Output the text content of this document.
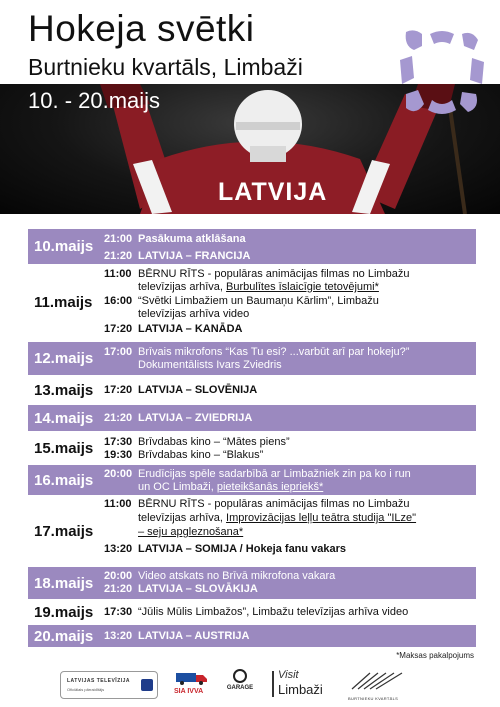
Hokeja svētki
Burtnieku kvartāls, Limbaži
10. - 20.maijs
LATVIJA
10.maijs 21:00 Pasākuma atklāšana
21:20 LATVIJA – FRANCIJA
11.maijs
11:00 BĒRNU RĪTS - populāras animācijas filmas no Limbažu
televīzijas arhīva, Burbulītes īslaicīgie tetovējumi*
16:00 “Svētki Limbažiem un Baumaņu Kārlim”, Limbažu
televīzijas arhīva video
17:20 LATVIJA – KANĀDA
12.maijs 17:00 Brīvais mikrofons “Kas Tu esi? ...varbūt arī par hokeju?”
Dokumentālists Ivars Zviedris
13.maijs 17:20 LATVIJA – SLOVĒNIJA
14.maijs 21:20 LATVIJA – ZVIEDRIJA
15.maijs 17:30 Brīvdabas kino – “Mātes piens”
19:30 Brīvdabas kino – “Blakus”
16.maijs 20:00 Erudīcijas spēle sadarbībā ar Limbažniek zin pa ko i run
un OC Limbaži, pieteikšanās iepriekš*
17.maijs
11:00 BĒRNU RĪTS - populāras animācijas filmas no Limbažu
televīzijas arhīva, Improvizācijas leļļu teātra studija "ILze"
– seju apgleznošana*
13:20 LATVIJA – SOMIJA / Hokeja fanu vakars
18.maijs 20:00 Video atskats no Brīvā mikrofona vakara
21:20 LATVIJA – SLOVĀKIJA
19.maijs 17:30 “Jūlis Mūlis Limbažos”, Limbažu televīzijas arhīva video
20.maijs 13:20 LATVIJA – AUSTRIJA
*Maksas pakalpojums
LATVIJAS TELEVĪZIJA
Oficiālais pārraidītājs	SIA IVVA	GARAGE
Visit
Limbaži
BURTNIEKU KVARTĀLS
